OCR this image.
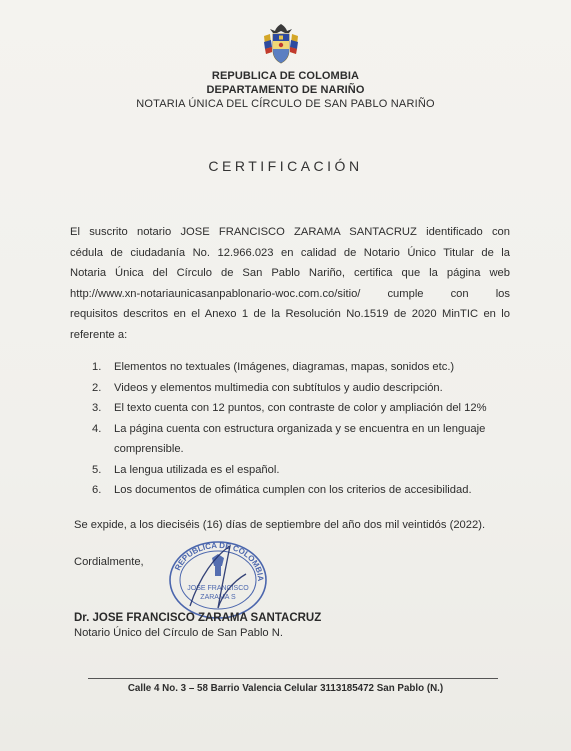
REPUBLICA DE COLOMBIA
DEPARTAMENTO DE NARIÑO
NOTARIA ÚNICA DEL CÍRCULO DE SAN PABLO NARIÑO
CERTIFICACIÓN
El suscrito notario JOSE FRANCISCO ZARAMA SANTACRUZ identificado con
cédula de ciudadanía No. 12.966.023 en calidad de Notario Único Titular de la
Notaria Única del Círculo de San Pablo Nariño, certifica que la página web
http://www.xn-notariaunicasanpablonario-woc.com.co/sitio/ cumple con los
requisitos descritos en el Anexo 1 de la Resolución No.1519 de 2020 MinTIC en lo
referente a:
1. Elementos no textuales (Imágenes, diagramas, mapas, sonidos etc.)
2. Videos y elementos multimedia con subtítulos y audio descripción.
3. El texto cuenta con 12 puntos, con contraste de color y ampliación del 12%
4. La página cuenta con estructura organizada y se encuentra en un lenguaje comprensible.
5. La lengua utilizada es el español.
6. Los documentos de ofimática cumplen con los criterios de accesibilidad.
Se expide, a los dieciséis (16) días de septiembre del año dos mil veintidós (2022).
Cordialmente,	REPUBLICA DE COLOMBIA
JOSE FRANCISCO
ZARAMA S
Dr. JOSE FRANCISCO ZARAMA SANTACRUZ
Notario Único del Círculo de San Pablo N.
Calle 4 No. 3 – 58 Barrio Valencia Celular 3113185472 San Pablo (N.)
